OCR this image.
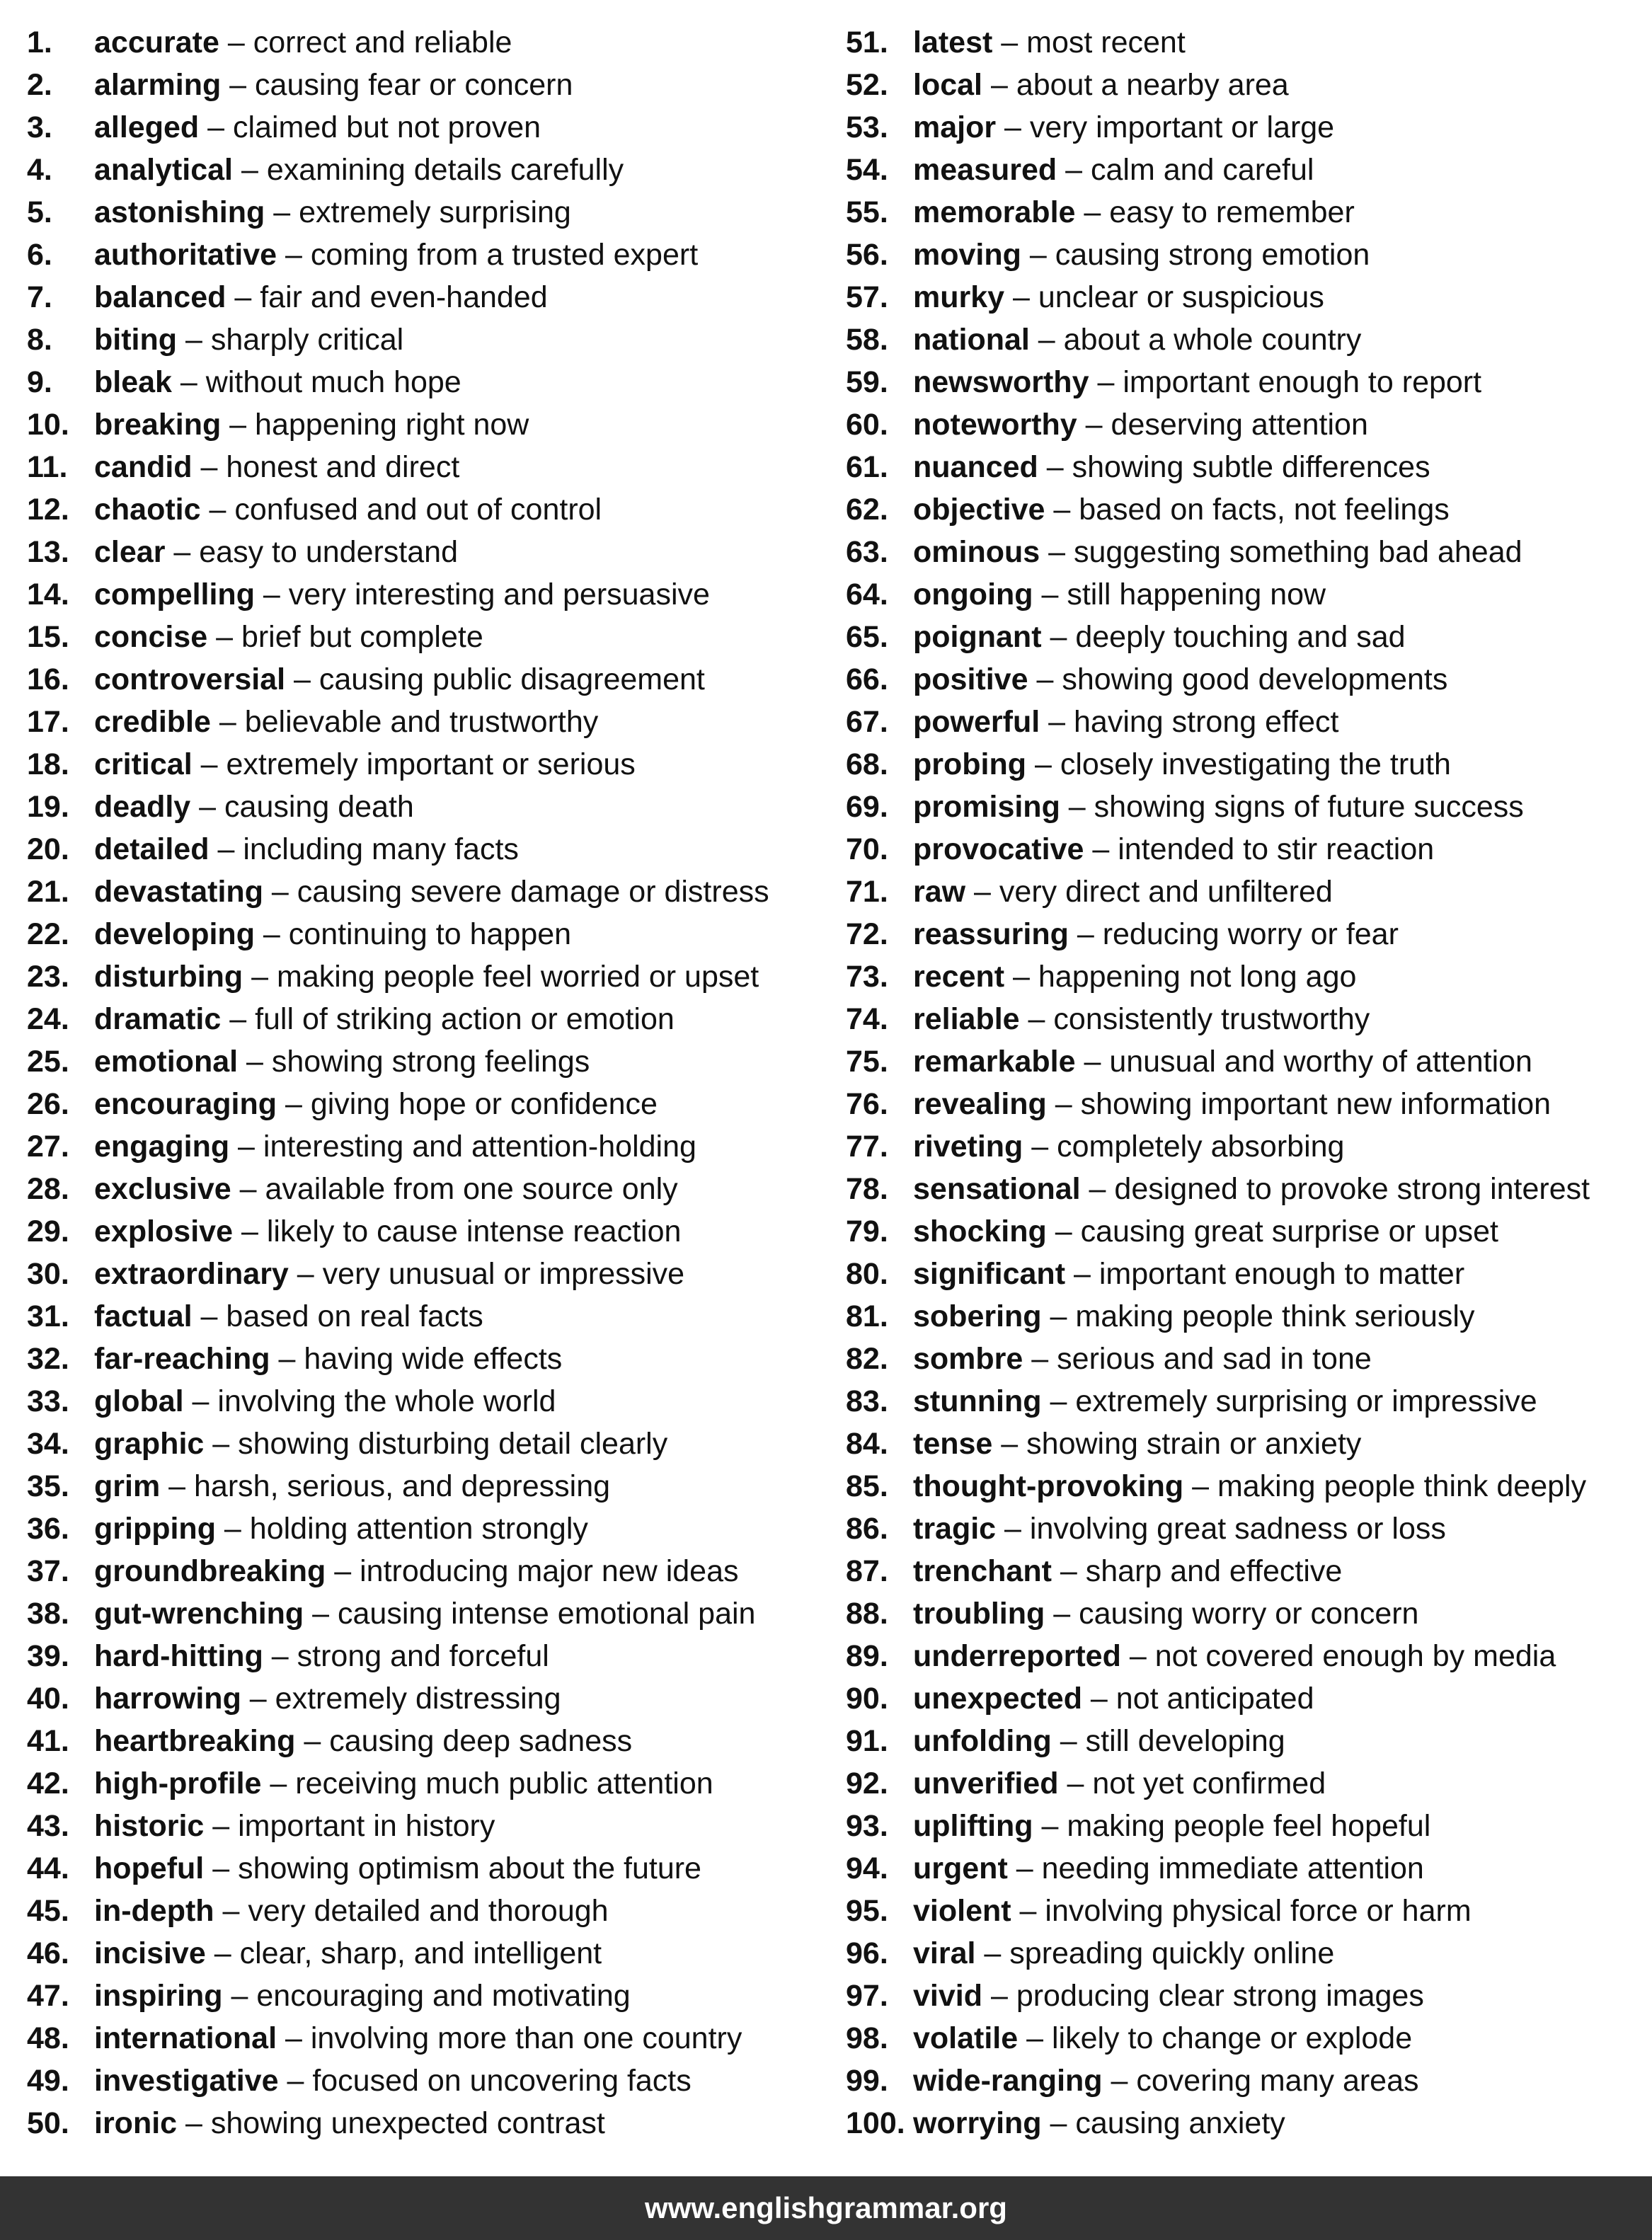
1. accurate – correct and reliable
2. alarming – causing fear or concern
3. alleged – claimed but not proven
4. analytical – examining details carefully
5. astonishing – extremely surprising
6. authoritative – coming from a trusted expert
7. balanced – fair and even-handed
8. biting – sharply critical
9. bleak – without much hope
10. breaking – happening right now
11. candid – honest and direct
12. chaotic – confused and out of control
13. clear – easy to understand
14. compelling – very interesting and persuasive
15. concise – brief but complete
16. controversial – causing public disagreement
17. credible – believable and trustworthy
18. critical – extremely important or serious
19. deadly – causing death
20. detailed – including many facts
21. devastating – causing severe damage or distress
22. developing – continuing to happen
23. disturbing – making people feel worried or upset
24. dramatic – full of striking action or emotion
25. emotional – showing strong feelings
26. encouraging – giving hope or confidence
27. engaging – interesting and attention-holding
28. exclusive – available from one source only
29. explosive – likely to cause intense reaction
30. extraordinary – very unusual or impressive
31. factual – based on real facts
32. far-reaching – having wide effects
33. global – involving the whole world
34. graphic – showing disturbing detail clearly
35. grim – harsh, serious, and depressing
36. gripping – holding attention strongly
37. groundbreaking – introducing major new ideas
38. gut-wrenching – causing intense emotional pain
39. hard-hitting – strong and forceful
40. harrowing – extremely distressing
41. heartbreaking – causing deep sadness
42. high-profile – receiving much public attention
43. historic – important in history
44. hopeful – showing optimism about the future
45. in-depth – very detailed and thorough
46. incisive – clear, sharp, and intelligent
47. inspiring – encouraging and motivating
48. international – involving more than one country
49. investigative – focused on uncovering facts
50. ironic – showing unexpected contrast
51. latest – most recent
52. local – about a nearby area
53. major – very important or large
54. measured – calm and careful
55. memorable – easy to remember
56. moving – causing strong emotion
57. murky – unclear or suspicious
58. national – about a whole country
59. newsworthy – important enough to report
60. noteworthy – deserving attention
61. nuanced – showing subtle differences
62. objective – based on facts, not feelings
63. ominous – suggesting something bad ahead
64. ongoing – still happening now
65. poignant – deeply touching and sad
66. positive – showing good developments
67. powerful – having strong effect
68. probing – closely investigating the truth
69. promising – showing signs of future success
70. provocative – intended to stir reaction
71. raw – very direct and unfiltered
72. reassuring – reducing worry or fear
73. recent – happening not long ago
74. reliable – consistently trustworthy
75. remarkable – unusual and worthy of attention
76. revealing – showing important new information
77. riveting – completely absorbing
78. sensational – designed to provoke strong interest
79. shocking – causing great surprise or upset
80. significant – important enough to matter
81. sobering – making people think seriously
82. sombre – serious and sad in tone
83. stunning – extremely surprising or impressive
84. tense – showing strain or anxiety
85. thought-provoking – making people think deeply
86. tragic – involving great sadness or loss
87. trenchant – sharp and effective
88. troubling – causing worry or concern
89. underreported – not covered enough by media
90. unexpected – not anticipated
91. unfolding – still developing
92. unverified – not yet confirmed
93. uplifting – making people feel hopeful
94. urgent – needing immediate attention
95. violent – involving physical force or harm
96. viral – spreading quickly online
97. vivid – producing clear strong images
98. volatile – likely to change or explode
99. wide-ranging – covering many areas
100. worrying – causing anxiety
www.englishgrammar.org
